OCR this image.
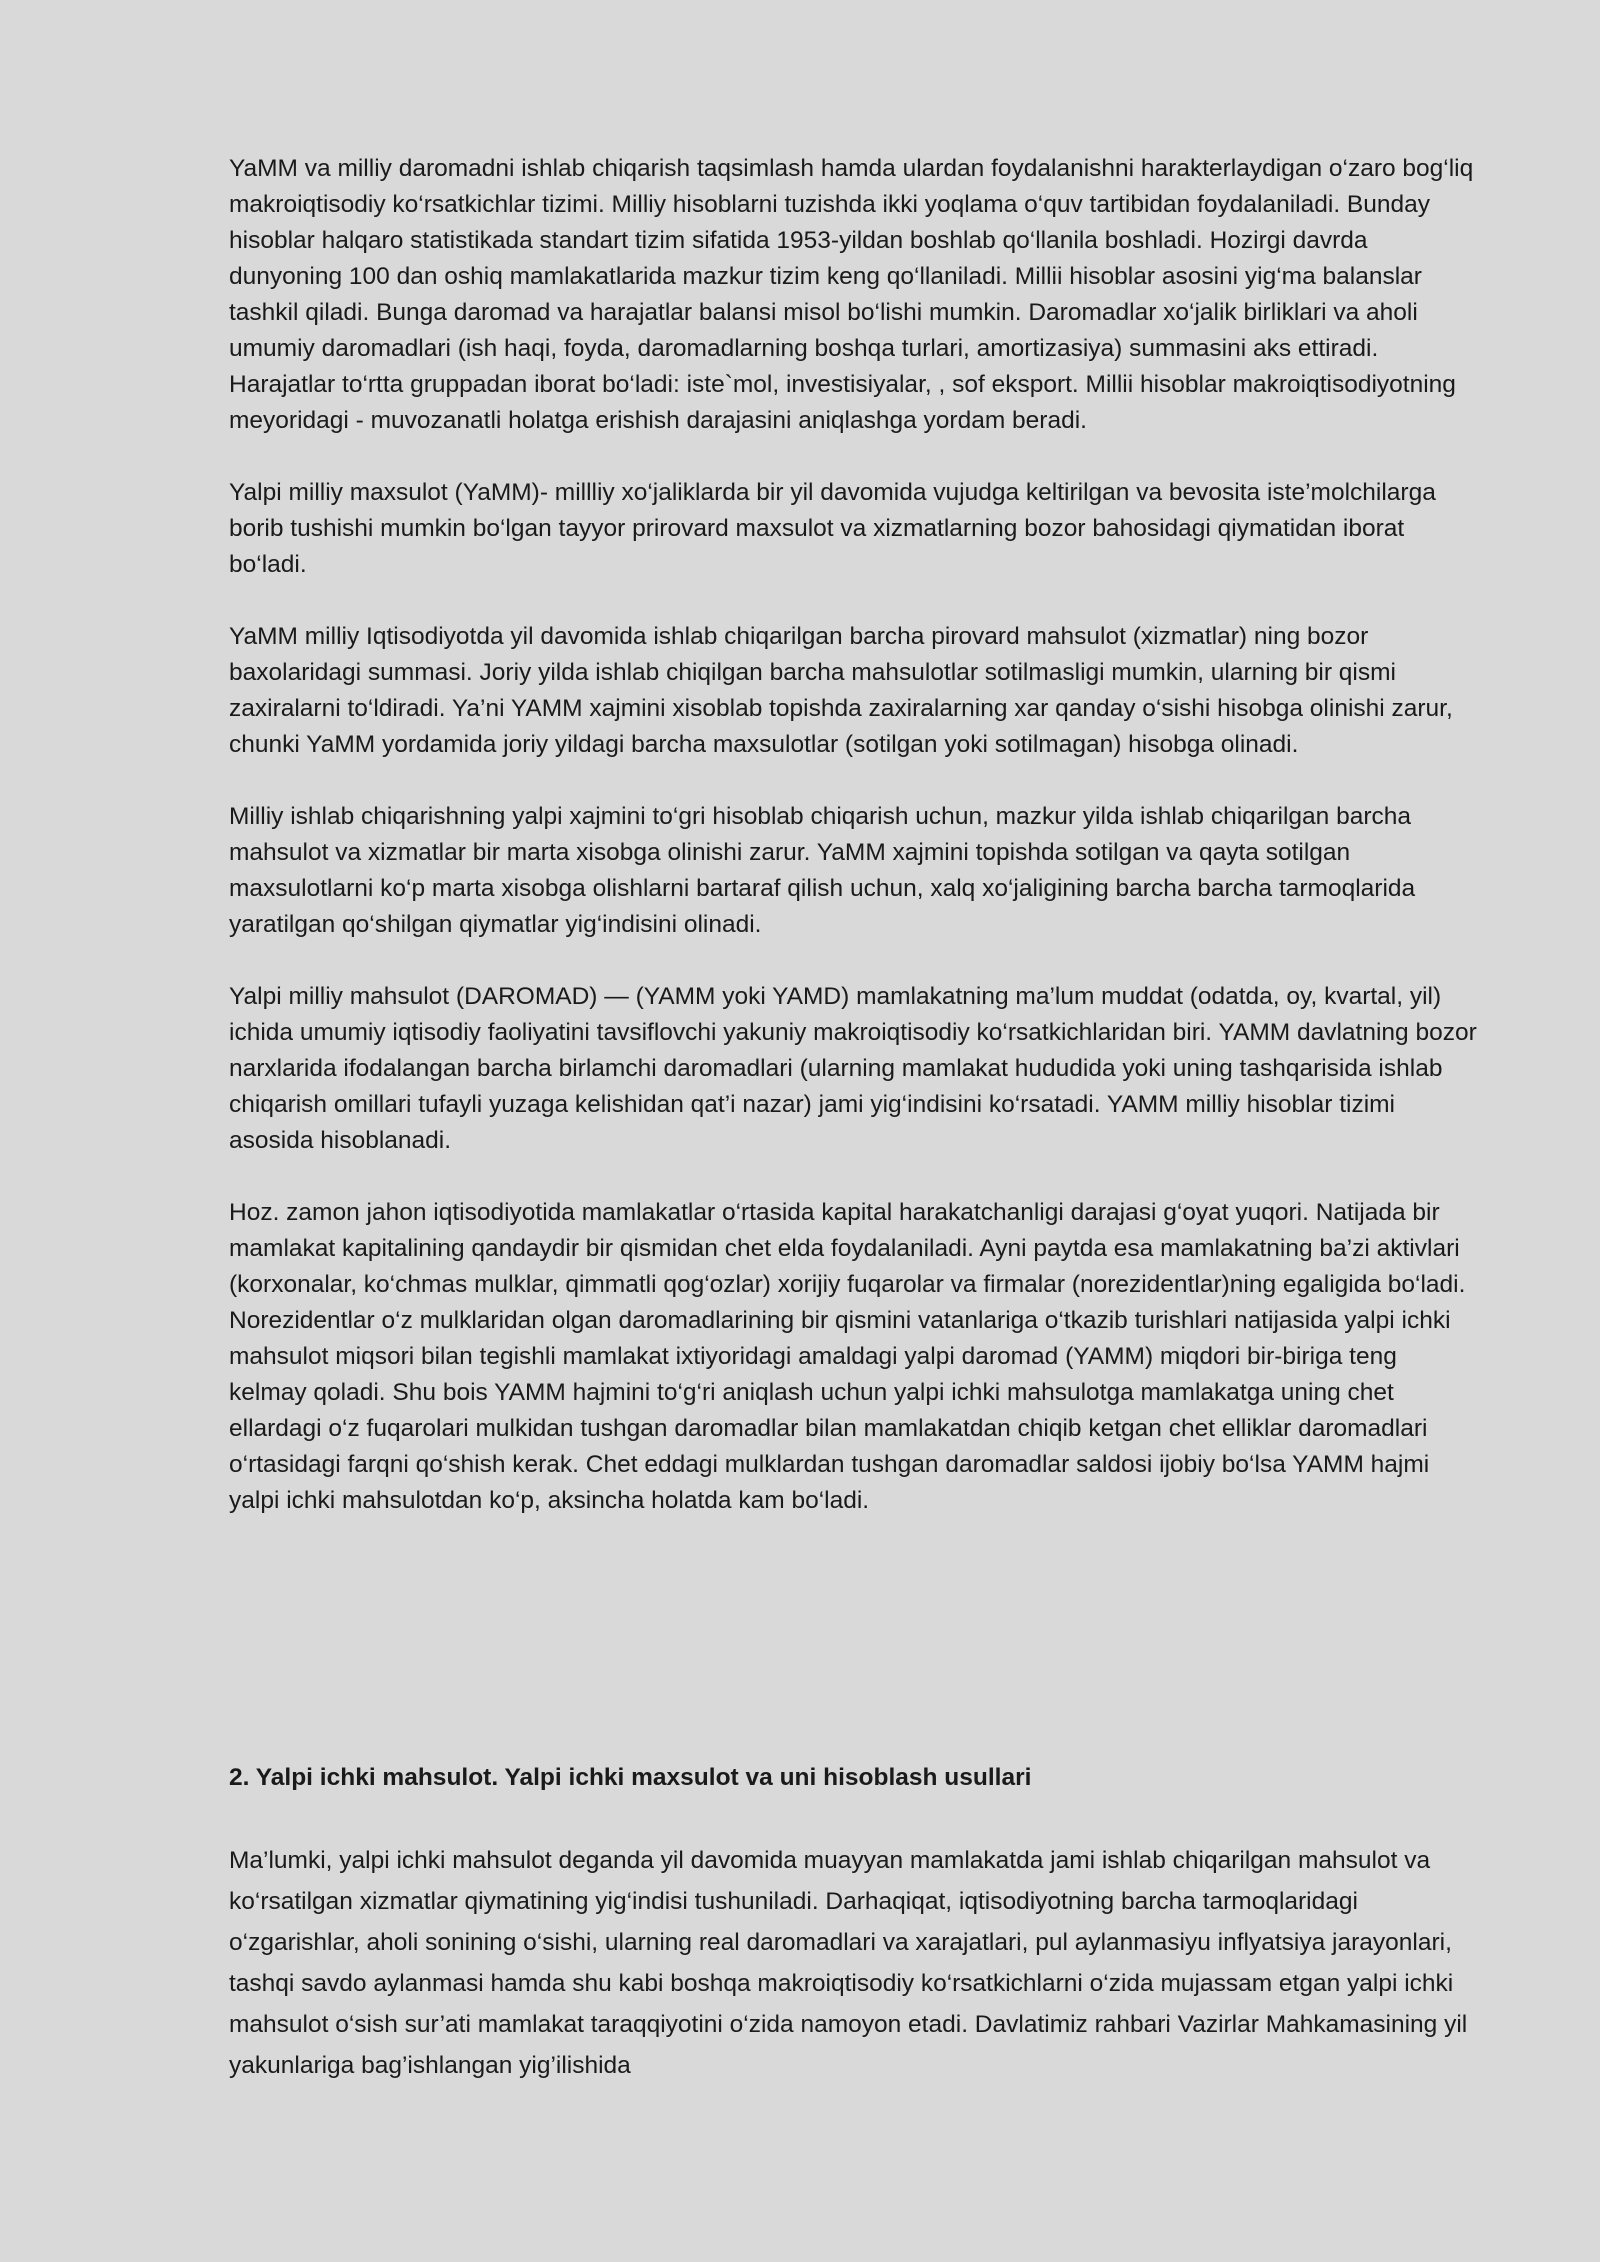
YaMM va milliy daromadni ishlab chiqarish taqsimlash hamda ulardan foydalanishni harakterlaydigan o‘zaro bog‘liq makroiqtisodiy ko‘rsatkichlar tizimi. Milliy hisoblarni tuzishda ikki yoqlama o‘quv tartibidan foydalaniladi. Bunday hisoblar halqaro statistikada standart tizim sifatida 1953-yildan boshlab qo‘llanila boshladi. Hozirgi davrda dunyoning 100 dan oshiq mamlakatlarida mazkur tizim keng qo‘llaniladi. Millii hisoblar asosini yig‘ma balanslar tashkil qiladi. Bunga daromad va harajatlar balansi misol bo‘lishi mumkin. Daromadlar xo‘jalik birliklari va aholi umumiy daromadlari (ish haqi, foyda, daromadlarning boshqa turlari, amortizasiya) summasini aks ettiradi. Harajatlar to‘rtta gruppadan iborat bo‘ladi: iste`mol, investisiyalar, , sof eksport. Millii hisoblar makroiqtisodiyotning meyoridagi - muvozanatli holatga erishish darajasini aniqlashga yordam beradi.

Yalpi milliy maxsulot (YaMM)- millliy xo‘jaliklarda bir yil davomida vujudga keltirilgan va bevosita iste’molchilarga borib tushishi mumkin bo‘lgan tayyor prirovard maxsulot va xizmatlarning bozor bahosidagi qiymatidan iborat bo‘ladi.

YaMM milliy Iqtisodiyotda yil davomida ishlab chiqarilgan barcha pirovard mahsulot (xizmatlar) ning bozor baxolaridagi summasi. Joriy yilda ishlab chiqilgan barcha mahsulotlar sotilmasligi mumkin, ularning bir qismi zaxiralarni to‘ldiradi. Ya’ni YAMM xajmini xisoblab topishda zaxiralarning xar qanday o‘sishi hisobga olinishi zarur, chunki YaMM yordamida joriy yildagi barcha maxsulotlar (sotilgan yoki sotilmagan) hisobga olinadi.

Milliy ishlab chiqarishning yalpi xajmini to‘gri hisoblab chiqarish uchun, mazkur yilda ishlab chiqarilgan barcha mahsulot va xizmatlar bir marta xisobga olinishi zarur. YaMM xajmini topishda sotilgan va qayta sotilgan maxsulotlarni ko‘p marta xisobga olishlarni bartaraf qilish uchun, xalq xo‘jaligining barcha barcha tarmoqlarida yaratilgan qo‘shilgan qiymatlar yig‘indisini olinadi.

Yalpi milliy mahsulot (DAROMAD) — (YAMM yoki YAMD) mamlakatning ma’lum muddat (odatda, oy, kvartal, yil) ichida umumiy iqtisodiy faoliyatini tavsiflovchi yakuniy makroiqtisodiy ko‘rsatkichlaridan biri. YAMM davlatning bozor narxlarida ifodalangan barcha birlamchi daromadlari (ularning mamlakat hududida yoki uning tashqarisida ishlab chiqarish omillari tufayli yuzaga kelishidan qat’i nazar) jami yig‘indisini ko‘rsatadi. YAMM milliy hisoblar tizimi asosida hisoblanadi.

Hoz. zamon jahon iqtisodiyotida mamlakatlar o‘rtasida kapital harakatchanligi darajasi g‘oyat yuqori. Natijada bir mamlakat kapitalining qandaydir bir qismidan chet elda foydalaniladi. Ayni paytda esa mamlakatning ba’zi aktivlari (korxonalar, ko‘chmas mulklar, qimmatli qog‘ozlar) xorijiy fuqarolar va firmalar (norezidentlar)ning egaligida bo‘ladi. Norezidentlar o‘z mulklaridan olgan daromadlarining bir qismini vatanlariga o‘tkazib turishlari natijasida yalpi ichki mahsulot miqsori bilan tegishli mamlakat ixtiyoridagi amaldagi yalpi daromad (YAMM) miqdori bir-biriga teng kelmay qoladi. Shu bois YAMM hajmini to‘g‘ri aniqlash uchun yalpi ichki mahsulotga mamlakatga uning chet ellardagi o‘z fuqarolari mulkidan tushgan daromadlar bilan mamlakatdan chiqib ketgan chet elliklar daromadlari o‘rtasidagi farqni qo‘shish kerak. Chet eddagi mulklardan tushgan daromadlar saldosi ijobiy bo‘lsa YAMM hajmi yalpi ichki mahsulotdan ko‘p, aksincha holatda kam bo‘ladi.

2. Yalpi ichki mahsulot. Yalpi ichki maxsulot va uni hisoblash usullari

Ma’lumki, yalpi ichki mahsulot deganda yil davomida muayyan mamlakatda jami ishlab chiqarilgan mahsulot va ko‘rsatilgan xizmatlar qiymatining yig‘indisi tushuniladi. Darhaqiqat, iqtisodiyotning barcha tarmoqlaridagi o‘zgarishlar, aholi sonining o‘sishi, ularning real daromadlari va xarajatlari, pul aylanmasiyu inflyatsiya jarayonlari, tashqi savdo aylanmasi hamda shu kabi boshqa makroiqtisodiy ko‘rsatkichlarni o‘zida mujassam etgan yalpi ichki mahsulot o‘sish sur’ati mamlakat taraqqiyotini o‘zida namoyon etadi. Davlatimiz rahbari Vazirlar Mahkamasining yil yakunlariga bag’ishlangan yig’ilishida
